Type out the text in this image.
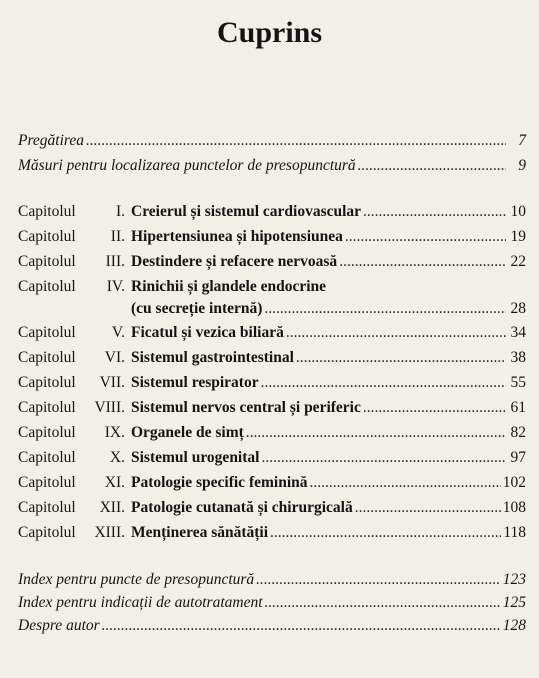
Cuprins
Pregătirea .....	7
Măsuri pentru localizarea punctelor de presopunctură .....	9
Capitolul	I. Creierul și sistemul cardiovascular .....	10
Capitolul	II. Hipertensiunea și hipotensiunea .....	19
Capitolul	III. Destindere și refacere nervoasă .....	22
Capitolul	IV. Rinichii și glandele endocrine
(cu secreție internă) .....	28
Capitolul	V. Ficatul și vezica biliară .....	34
Capitolul	VI. Sistemul gastrointestinal .....	38
Capitolul	VII. Sistemul respirator .....	55
Capitolul	VIII. Sistemul nervos central și periferic .....	61
Capitolul	IX. Organele de simț .....	82
Capitolul	X. Sistemul urogenital .....	97
Capitolul	XI. Patologie specific feminină .....	102
Capitolul	XII. Patologie cutanată și chirurgicală .....	108
Capitolul	XIII. Menținerea sănătății .....	118
Index pentru puncte de presopunctură .....	123
Index pentru indicații de autotratament .....	125
Despre autor .....	128
